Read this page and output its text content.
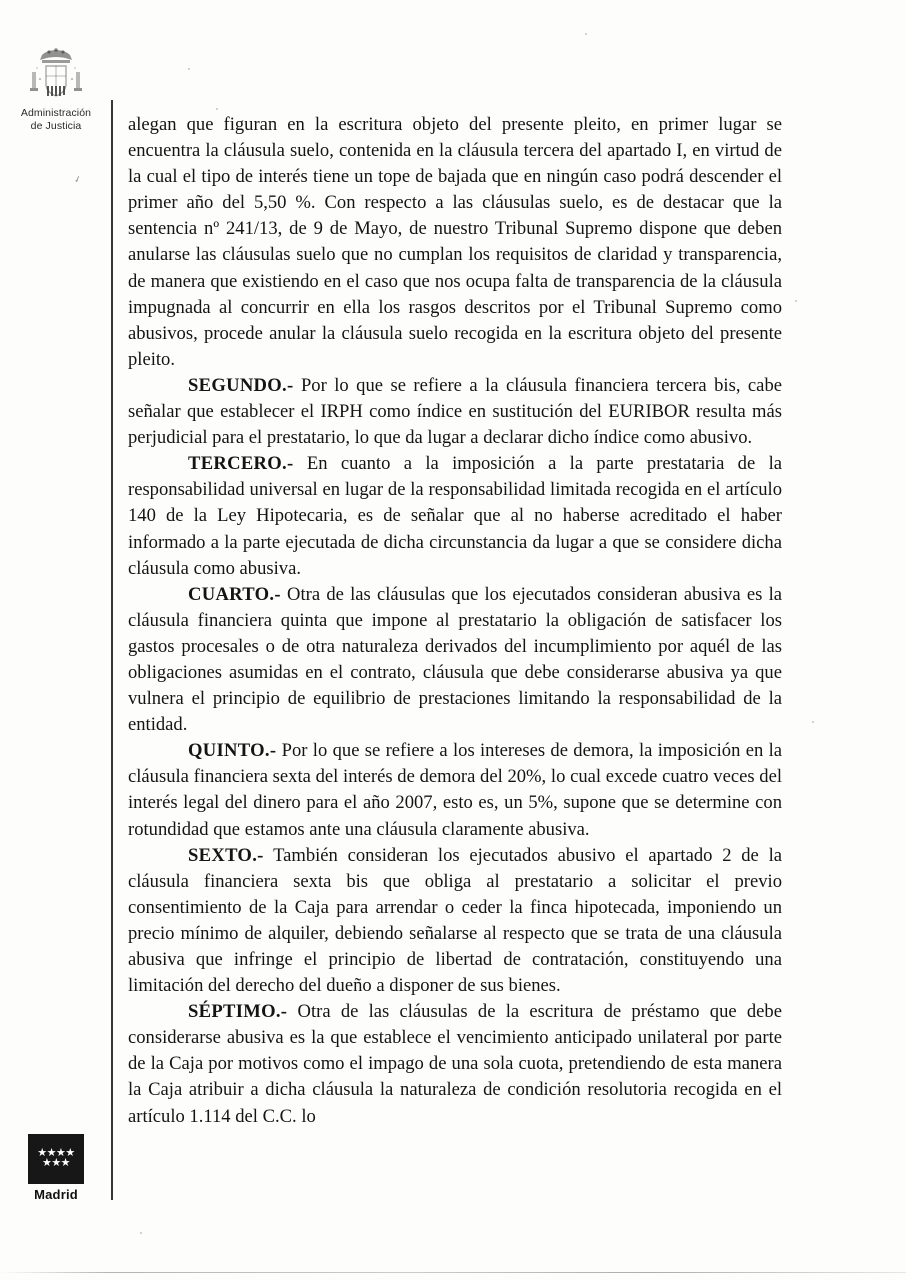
Administración
de Justicia
✓
★★★★
★★★
Madrid

alegan que figuran en la escritura objeto del presente pleito, en primer lugar se encuentra la cláusula suelo, contenida en la cláusula tercera del apartado I, en virtud de la cual el tipo de interés tiene un tope de bajada que en ningún caso podrá descender el primer año del 5,50 %. Con respecto a las cláusulas suelo, es de destacar que la sentencia nº 241/13, de 9 de Mayo, de nuestro Tribunal Supremo dispone que deben anularse las cláusulas suelo que no cumplan los requisitos de claridad y transparencia, de manera que existiendo en el caso que nos ocupa falta de transparencia de la cláusula impugnada al concurrir en ella los rasgos descritos por el Tribunal Supremo como abusivos, procede anular la cláusula suelo recogida en la escritura objeto del presente pleito.

SEGUNDO.- Por lo que se refiere a la cláusula financiera tercera bis, cabe señalar que establecer el IRPH como índice en sustitución del EURIBOR resulta más perjudicial para el prestatario, lo que da lugar a declarar dicho índice como abusivo.

TERCERO.- En cuanto a la imposición a la parte prestataria de la responsabilidad universal en lugar de la responsabilidad limitada recogida en el artículo 140 de la Ley Hipotecaria, es de señalar que al no haberse acreditado el haber informado a la parte ejecutada de dicha circunstancia da lugar a que se considere dicha cláusula como abusiva.

CUARTO.- Otra de las cláusulas que los ejecutados consideran abusiva es la cláusula financiera quinta que impone al prestatario la obligación de satisfacer los gastos procesales o de otra naturaleza derivados del incumplimiento por aquél de las obligaciones asumidas en el contrato, cláusula que debe considerarse abusiva ya que vulnera el principio de equilibrio de prestaciones limitando la responsabilidad de la entidad.

QUINTO.- Por lo que se refiere a los intereses de demora, la imposición en la cláusula financiera sexta del interés de demora del 20%, lo cual excede cuatro veces del interés legal del dinero para el año 2007, esto es, un 5%, supone que se determine con rotundidad que estamos ante una cláusula claramente abusiva.

SEXTO.- También consideran los ejecutados abusivo el apartado 2 de la cláusula financiera sexta bis que obliga al prestatario a solicitar el previo consentimiento de la Caja para arrendar o ceder la finca hipotecada, imponiendo un precio mínimo de alquiler, debiendo señalarse al respecto que se trata de una cláusula abusiva que infringe el principio de libertad de contratación, constituyendo una limitación del derecho del dueño a disponer de sus bienes.

SÉPTIMO.- Otra de las cláusulas de la escritura de préstamo que debe considerarse abusiva es la que establece el vencimiento anticipado unilateral por parte de la Caja por motivos como el impago de una sola cuota, pretendiendo de esta manera la Caja atribuir a dicha cláusula la naturaleza de condición resolutoria recogida en el artículo 1.114 del C.C. lo
